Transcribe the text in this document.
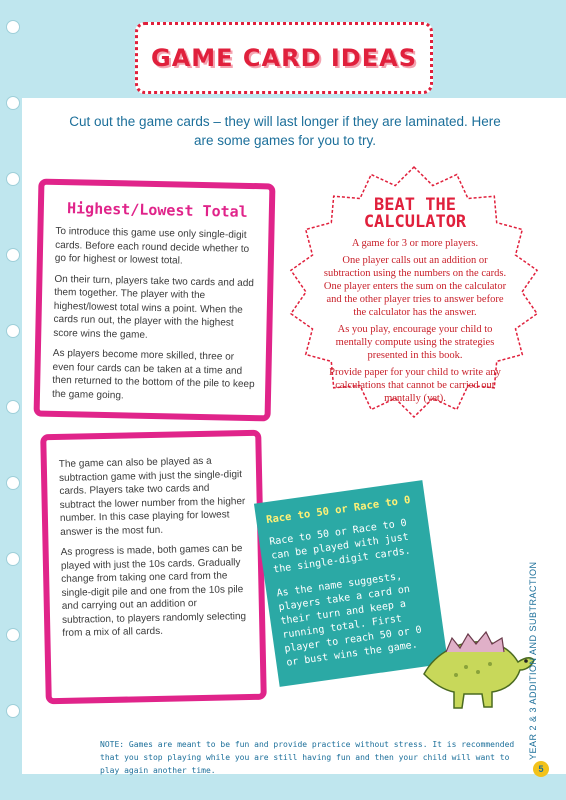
GAME CARD IDEAS
Cut out the game cards – they will last longer if they are laminated. Here are some games for you to try.
Highest/Lowest Total

To introduce this game use only single-digit cards. Before each round decide whether to go for highest or lowest total.

On their turn, players take two cards and add them together. The player with the highest/lowest total wins a point. When the cards run out, the player with the highest score wins the game.

As players become more skilled, three or even four cards can be taken at a time and then returned to the bottom of the pile to keep the game going.

BEAT THE CALCULATOR

A game for 3 or more players.

One player calls out an addition or subtraction using the numbers on the cards. One player enters the sum on the calculator and the other player tries to answer before the calculator has the answer.

As you play, encourage your child to mentally compute using the strategies presented in this book.

Provide paper for your child to write any calculations that cannot be carried out mentally (yet).

The game can also be played as a subtraction game with just the single-digit cards. Players take two cards and subtract the lower number from the higher number. In this case playing for lowest answer is the most fun.

As progress is made, both games can be played with just the 10s cards. Gradually change from taking one card from the single-digit pile and one from the 10s pile and carrying out an addition or subtraction, to players randomly selecting from a mix of all cards.

Race to 50 or Race to 0

Race to 50 or Race to 0 can be played with just the single-digit cards.

As the name suggests, players take a card on their turn and keep a running total. First player to reach 50 or 0 or bust wins the game.	YEAR 2 & 3 ADDITION AND SUBTRACTION
NOTE: Games are meant to be fun and provide practice without stress. It is recommended that you stop playing while you are still having fun and then your child will want to play again another time.	5
